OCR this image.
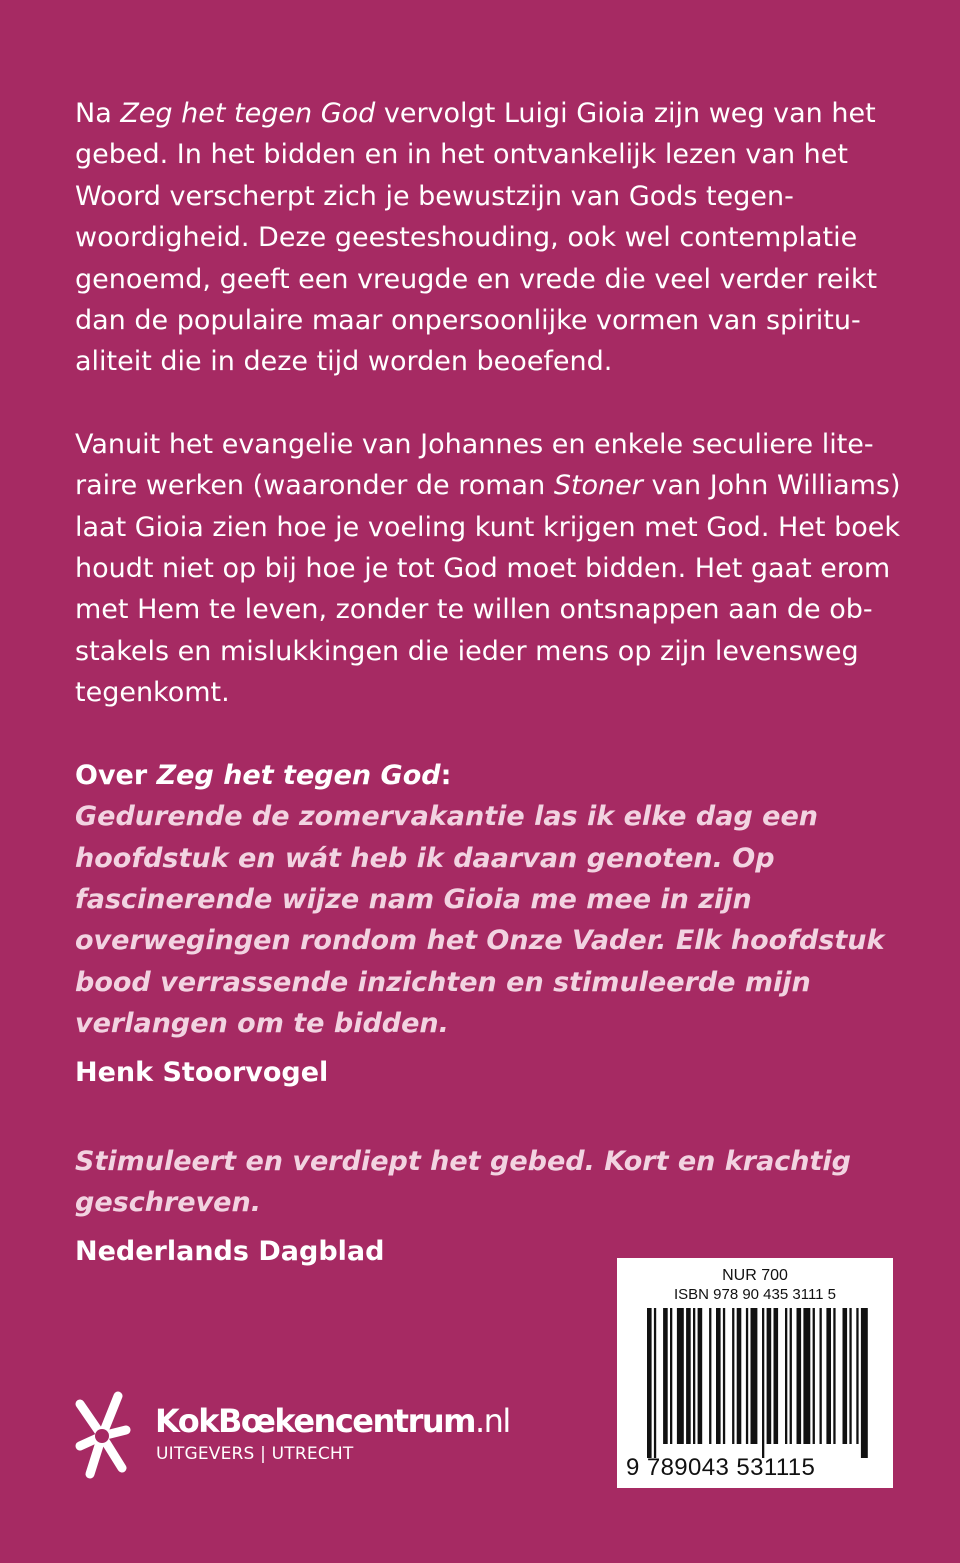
Na Zeg het tegen God vervolgt Luigi Gioia zijn weg van het gebed. In het bidden en in het ontvankelijk lezen van het Woord verscherpt zich je bewustzijn van Gods tegenwoordigheid. Deze geesteshouding, ook wel contemplatie genoemd, geeft een vreugde en vrede die veel verder reikt dan de populaire maar onpersoonlijke vormen van spiritualiteit die in deze tijd worden beoefend.

Vanuit het evangelie van Johannes en enkele seculiere literaire werken (waaronder de roman Stoner van John Williams) laat Gioia zien hoe je voeling kunt krijgen met God. Het boek houdt niet op bij hoe je tot God moet bidden. Het gaat erom met Hem te leven, zonder te willen ontsnappen aan de obstakels en mislukkingen die ieder mens op zijn levensweg tegenkomt.

Over Zeg het tegen God:

Gedurende de zomervakantie las ik elke dag een hoofdstuk en wát heb ik daarvan genoten. Op fascinerende wijze nam Gioia me mee in zijn overwegingen rondom het Onze Vader. Elk hoofdstuk bood verrassende inzichten en stimuleerde mijn verlangen om te bidden.

Henk Stoorvogel

Stimuleert en verdiept het gebed. Kort en krachtig geschreven.

Nederlands Dagblad

KokBœkencentrum.nl
UITGEVERS | UTRECHT
NUR 700
ISBN 978 90 435 3111 5
9 789043 531115
